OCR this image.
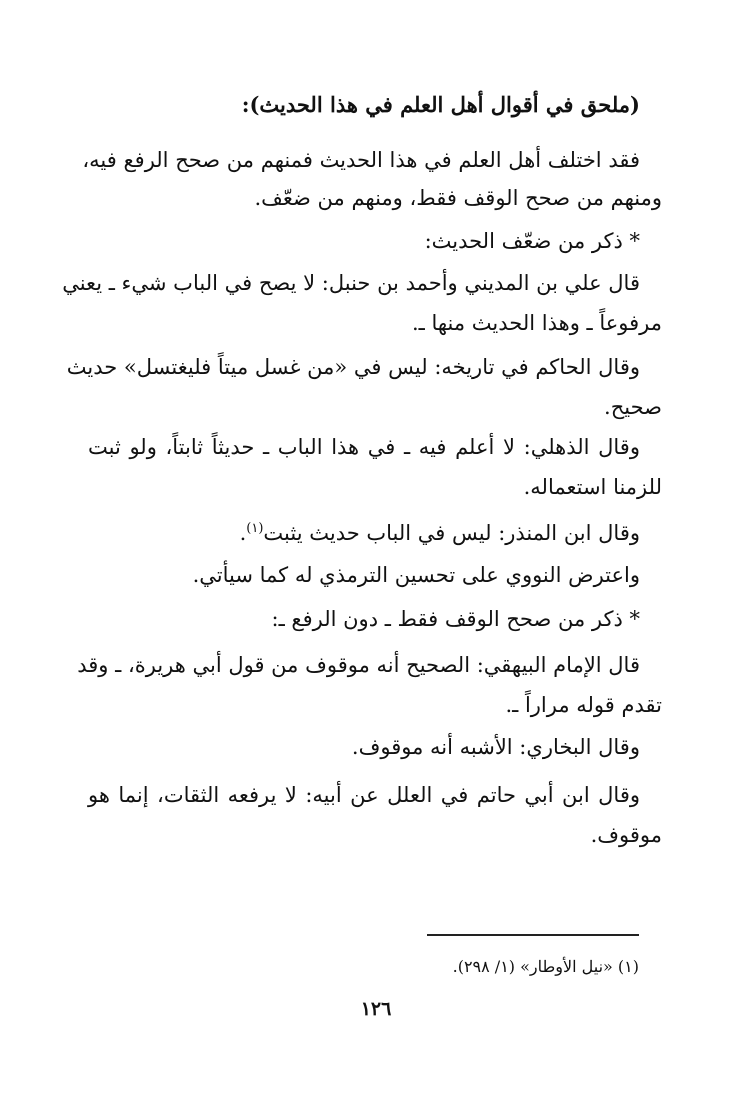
(ملحق في أقوال أهل العلم في هذا الحديث):
فقد اختلف أهل العلم في هذا الحديث فمنهم من صحح الرفع فيه،
ومنهم من صحح الوقف فقط، ومنهم من ضعّف.
* ذكر من ضعّف الحديث:
قال علي بن المديني وأحمد بن حنبل: لا يصح في الباب شيء ـ يعني
مرفوعاً ـ وهذا الحديث منها ـ.
وقال الحاكم في تاريخه: ليس في «من غسل ميتاً فليغتسل» حديث
صحيح.
وقال الذهلي: لا أعلم فيه ـ في هذا الباب ـ حديثاً ثابتاً، ولو ثبت
للزمنا استعماله.
وقال ابن المنذر: ليس في الباب حديث يثبت$^{(١)}$.
واعترض النووي على تحسين الترمذي له كما سيأتي.
* ذكر من صحح الوقف فقط ـ دون الرفع ـ:
قال الإمام البيهقي: الصحيح أنه موقوف من قول أبي هريرة، ـ وقد
تقدم قوله مراراً ـ.
وقال البخاري: الأشبه أنه موقوف.
وقال ابن أبي حاتم في العلل عن أبيه: لا يرفعه الثقات، إنما هو
موقوف.
(١) «نيل الأوطار» (١/ ٢٩٨).
١٢٦
